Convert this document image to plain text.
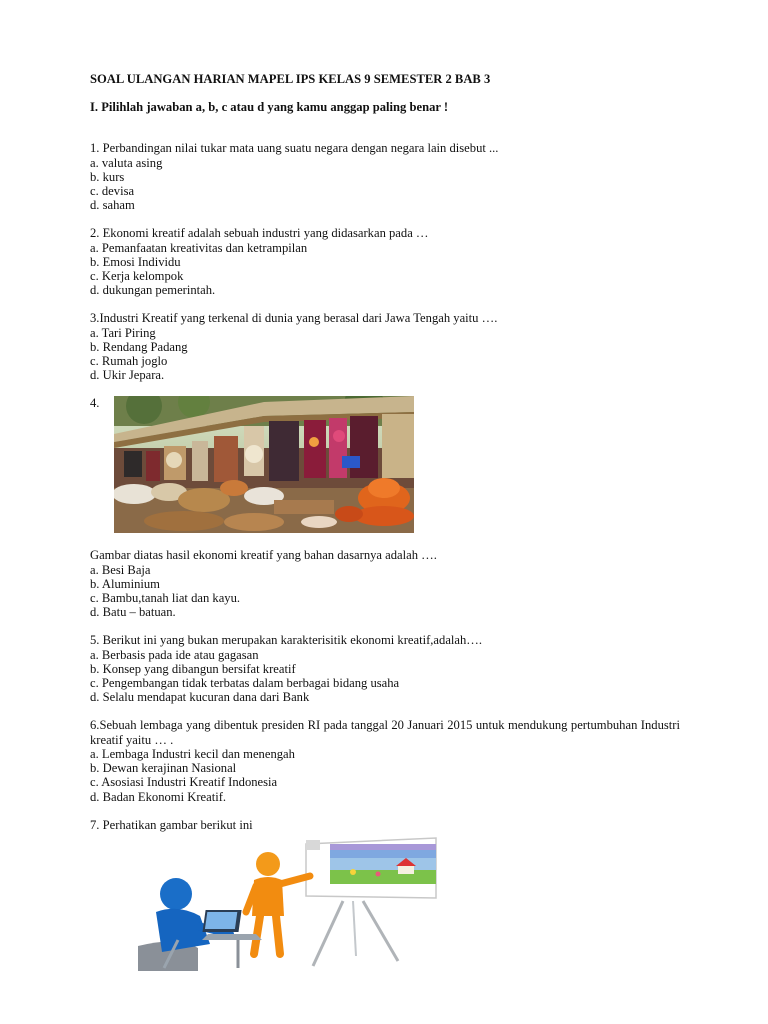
SOAL ULANGAN HARIAN MAPEL IPS KELAS 9 SEMESTER 2 BAB 3

I. Pilihlah jawaban a, b, c atau d yang kamu anggap paling benar !

1. Perbandingan nilai tukar mata uang suatu negara dengan negara lain disebut ...

a. valuta asing

b. kurs

c. devisa

d. saham

2. Ekonomi kreatif adalah sebuah industri yang didasarkan pada …

a. Pemanfaatan kreativitas dan ketrampilan

b. Emosi Individu

c. Kerja kelompok

d. dukungan pemerintah.

3.Industri Kreatif yang terkenal di dunia yang berasal dari Jawa Tengah yaitu ….

a. Tari Piring

b. Rendang Padang

c. Rumah joglo

d. Ukir Jepara.

4.

Gambar diatas hasil ekonomi kreatif yang bahan dasarnya adalah ….

a. Besi Baja

b. Aluminium

c. Bambu,tanah liat dan kayu.

d. Batu – batuan.

5. Berikut ini yang bukan merupakan karakterisitik ekonomi kreatif,adalah….

a. Berbasis pada ide atau gagasan

b. Konsep yang dibangun bersifat kreatif

c. Pengembangan tidak terbatas dalam berbagai bidang usaha

d. Selalu mendapat kucuran dana dari Bank

6.Sebuah lembaga yang dibentuk presiden RI pada tanggal 20 Januari 2015 untuk mendukung pertumbuhan Industri kreatif yaitu … .

a. Lembaga Industri kecil dan menengah

b. Dewan kerajinan Nasional

c. Asosiasi Industri Kreatif Indonesia

d. Badan Ekonomi Kreatif.

7. Perhatikan gambar berikut ini
